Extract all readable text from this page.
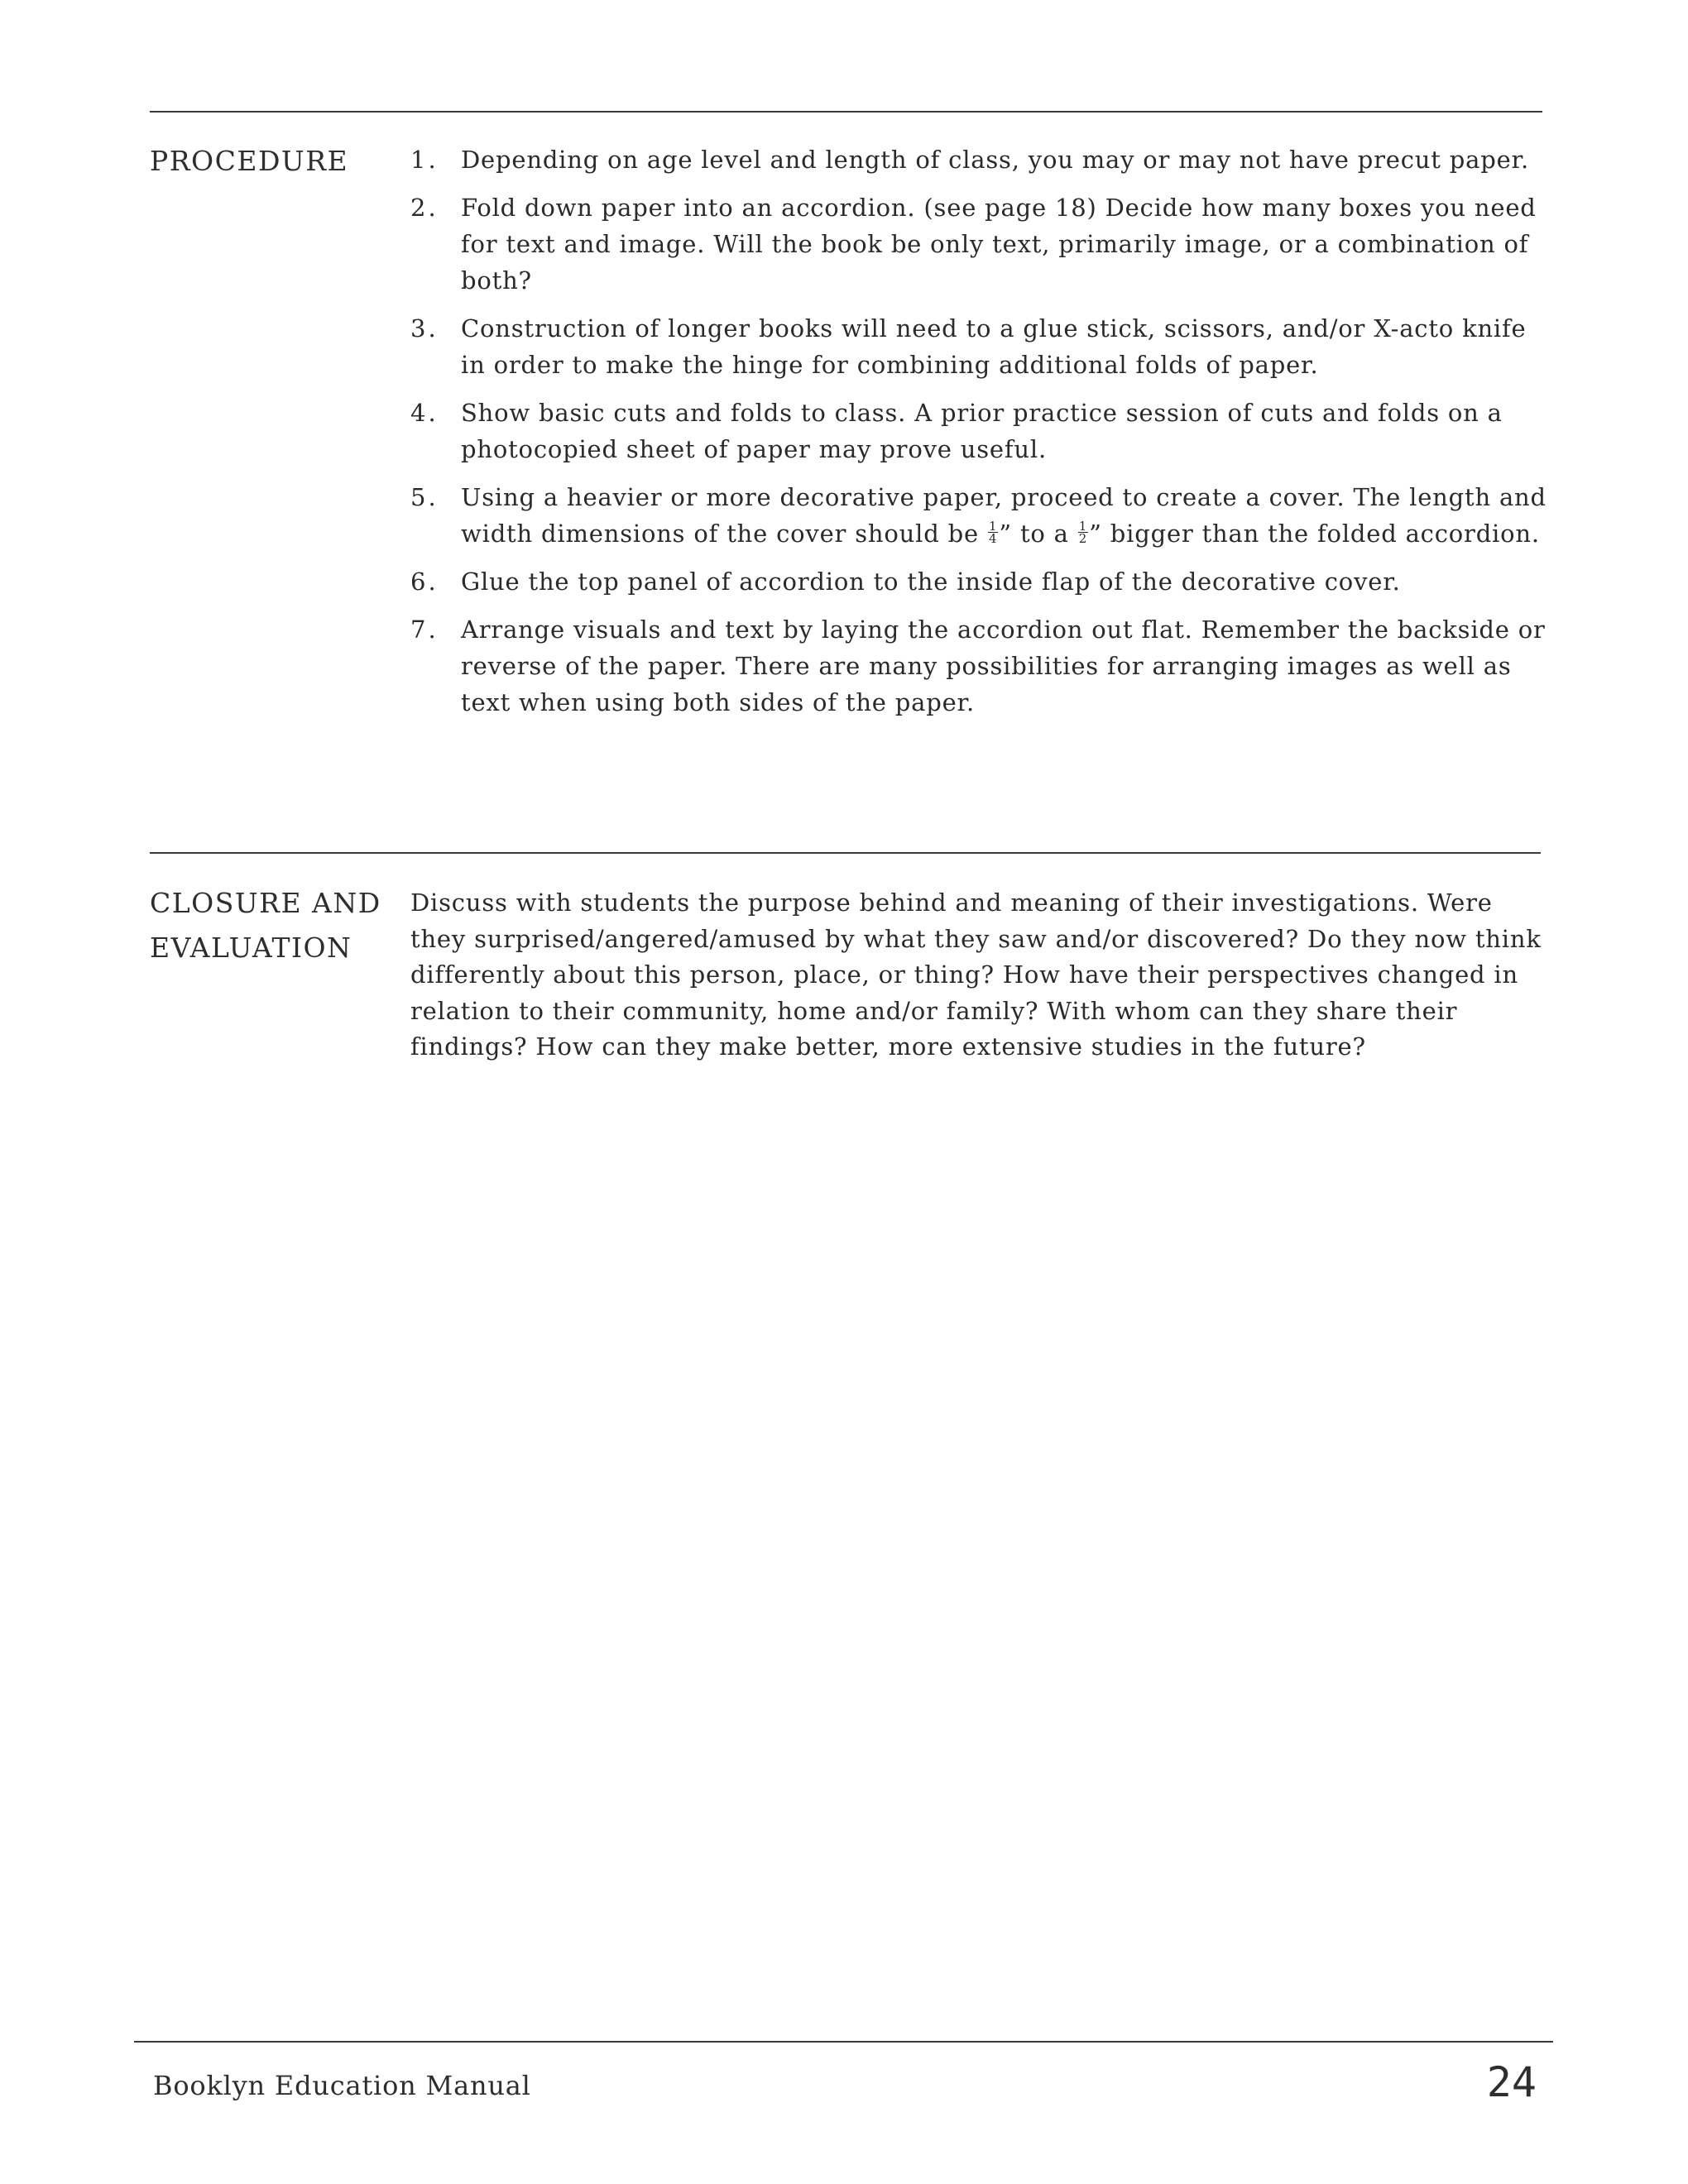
PROCEDURE	1. Depending on age level and length of class, you may or may not have precut paper.
2. Fold down paper into an accordion. (see page 18) Decide how many boxes you need for text and image. Will the book be only text, primarily image, or a combination of both?
3. Construction of longer books will need to a glue stick, scissors, and/or X-acto knife in order to make the hinge for combining additional folds of paper.
4. Show basic cuts and folds to class. A prior practice session of cuts and folds on a photocopied sheet of paper may prove useful.
5. Using a heavier or more decorative paper, proceed to create a cover. The length and width dimensions of the cover should be $\frac{1}{4}$ ” to a $\frac{1}{2}$ ” bigger than the folded accordion.
6. Glue the top panel of accordion to the inside flap of the decorative cover.
7. Arrange visuals and text by laying the accordion out flat. Remember the backside or reverse of the paper. There are many possibilities for arranging images as well as text when using both sides of the paper.
CLOSURE AND
EVALUATION

Discuss with students the purpose behind and meaning of their investigations. Were they surprised/angered/amused by what they saw and/or discovered? Do they now think differently about this person, place, or thing? How have their perspectives changed in relation to their community, home and/or family? With whom can they share their findings? How can they make better, more extensive studies in the future?

Booklyn Education Manual	24
